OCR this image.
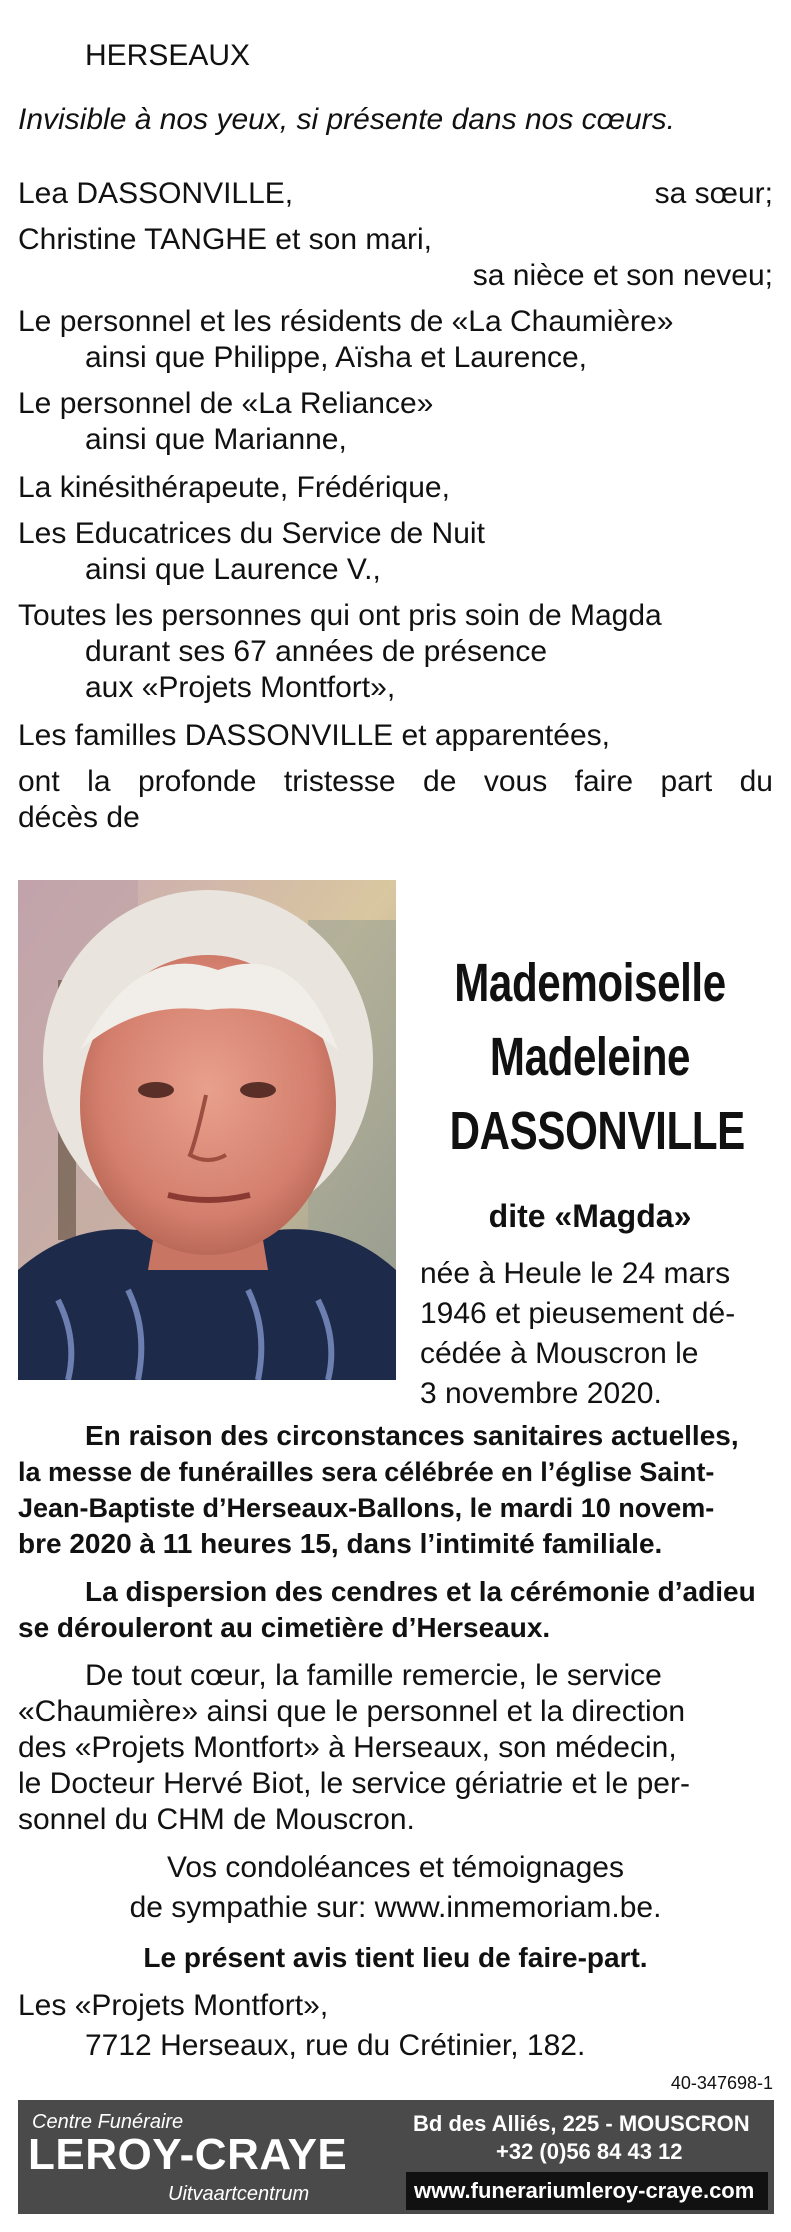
HERSEAUX
Invisible à nos yeux, si présente dans nos cœurs.
Lea DASSONVILLE,	sa sœur;
Christine TANGHE et son mari,
sa nièce et son neveu;
Le personnel et les résidents de «La Chaumière»
ainsi que Philippe, Aïsha et Laurence,
Le personnel de «La Reliance»
ainsi que Marianne,
La kinésithérapeute, Frédérique,
Les Educatrices du Service de Nuit
ainsi que Laurence V.,
Toutes les personnes qui ont pris soin de Magda
durant ses 67 années de présence
aux «Projets Montfort»,
Les familles DASSONVILLE et apparentées,
ont la profonde tristesse de vous faire part du
décès de
Mademoiselle
Madeleine
DASSONVILLE
dite «Magda»
née à Heule le 24 mars
1946 et pieusement dé-
cédée à Mouscron le
3 novembre 2020.
En raison des circonstances sanitaires actuelles,
la messe de funérailles sera célébrée en l’église Saint-
Jean-Baptiste d’Herseaux-Ballons, le mardi 10 novem-
bre 2020 à 11 heures 15, dans l’intimité familiale.
La dispersion des cendres et la cérémonie d’adieu
se dérouleront au cimetière d’Herseaux.
De tout cœur, la famille remercie, le service
«Chaumière» ainsi que le personnel et la direction
des «Projets Montfort» à Herseaux, son médecin,
le Docteur Hervé Biot, le service gériatrie et le per-
sonnel du CHM de Mouscron.
Vos condoléances et témoignages
de sympathie sur: www.inmemoriam.be.
Le présent avis tient lieu de faire-part.
Les «Projets Montfort»,
7712 Herseaux, rue du Crétinier, 182.
40-347698-1
Centre Funéraire
LEROY-CRAYE
Uitvaartcentrum
Bd des Alliés, 225 - MOUSCRON
+32 (0)56 84 43 12
www.funerariumleroy-craye.com
